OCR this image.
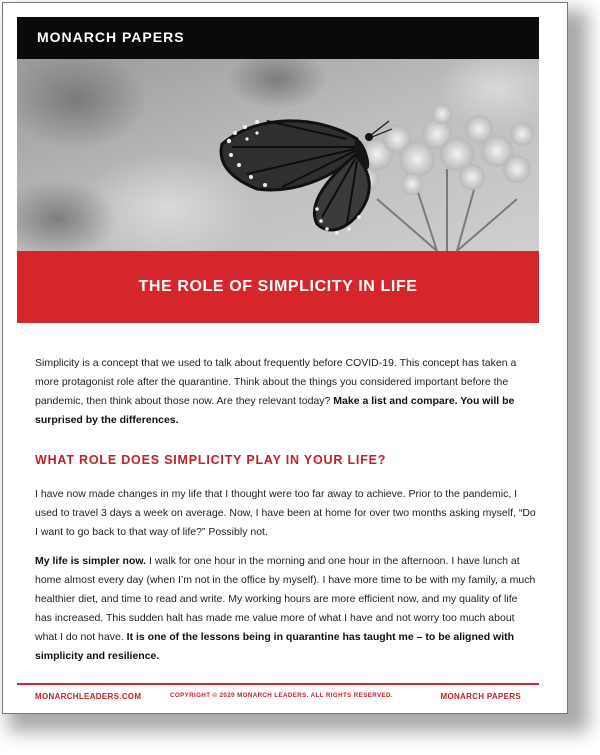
MONARCH PAPERS
THE ROLE OF SIMPLICITY IN LIFE

Simplicity is a concept that we used to talk about frequently before COVID-19. This concept has taken a more protagonist role after the quarantine. Think about the things you considered important before the pandemic, then think about those now. Are they relevant today? Make a list and compare. You will be surprised by the differences.

WHAT ROLE DOES SIMPLICITY PLAY IN YOUR LIFE?

I have now made changes in my life that I thought were too far away to achieve. Prior to the pandemic, I used to travel 3 days a week on average. Now, I have been at home for over two months asking myself, “Do I want to go back to that way of life?” Possibly not.

My life is simpler now. I walk for one hour in the morning and one hour in the afternoon. I have lunch at home almost every day (when I’m not in the office by myself). I have more time to be with my family, a much healthier diet, and time to read and write. My working hours are more efficient now, and my quality of life has increased. This sudden halt has made me value more of what I have and not worry too much about what I do not have. It is one of the lessons being in quarantine has taught me – to be aligned with simplicity and resilience.

MONARCHLEADERS.COM	COPYRIGHT © 2020 MONARCH LEADERS. ALL RIGHTS RESERVED.	MONARCH PAPERS
